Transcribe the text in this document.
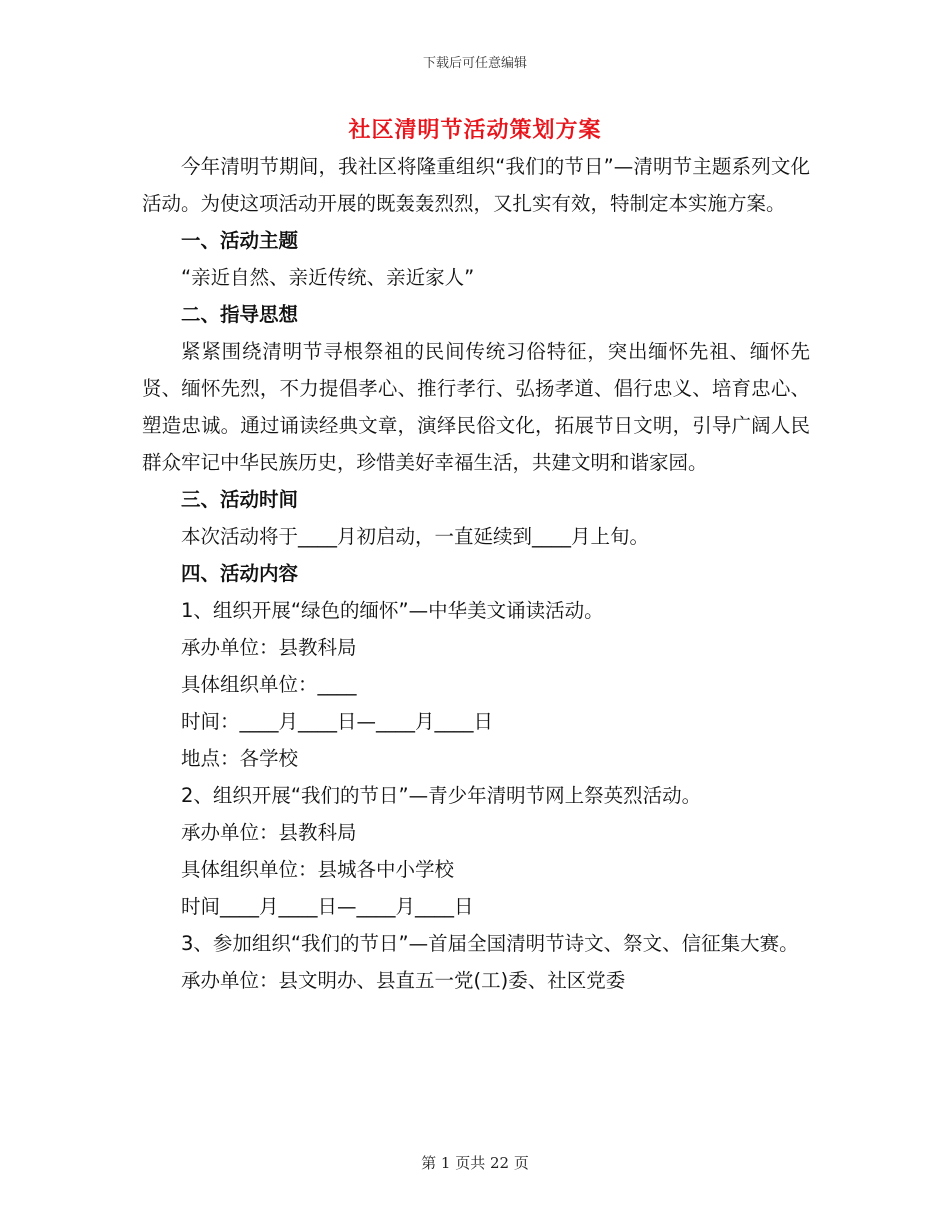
下载后可任意编辑
社区清明节活动策划方案

今年清明节期间，我社区将隆重组织“我们的节日”—清明节主题系列文化活动。为使这项活动开展的既轰轰烈烈，又扎实有效，特制定本实施方案。

一、活动主题

“亲近自然、亲近传统、亲近家人”

二、指导思想

紧紧围绕清明节寻根祭祖的民间传统习俗特征，突出缅怀先祖、缅怀先贤、缅怀先烈，不力提倡孝心、推行孝行、弘扬孝道、倡行忠义、培育忠心、塑造忠诚。通过诵读经典文章，演绎民俗文化，拓展节日文明，引导广阔人民群众牢记中华民族历史，珍惜美好幸福生活，共建文明和谐家园。

三、活动时间

本次活动将于____月初启动，一直延续到____月上旬。

四、活动内容

1、组织开展“绿色的缅怀”—中华美文诵读活动。

承办单位：县教科局

具体组织单位：____

时间：____月____日—____月____日

地点：各学校

2、组织开展“我们的节日”—青少年清明节网上祭英烈活动。

承办单位：县教科局

具体组织单位：县城各中小学校

时间____月____日—____月____日

3、参加组织“我们的节日”—首届全国清明节诗文、祭文、信征集大赛。

承办单位：县文明办、县直五一党(工)委、社区党委

第 1 页共 22 页
